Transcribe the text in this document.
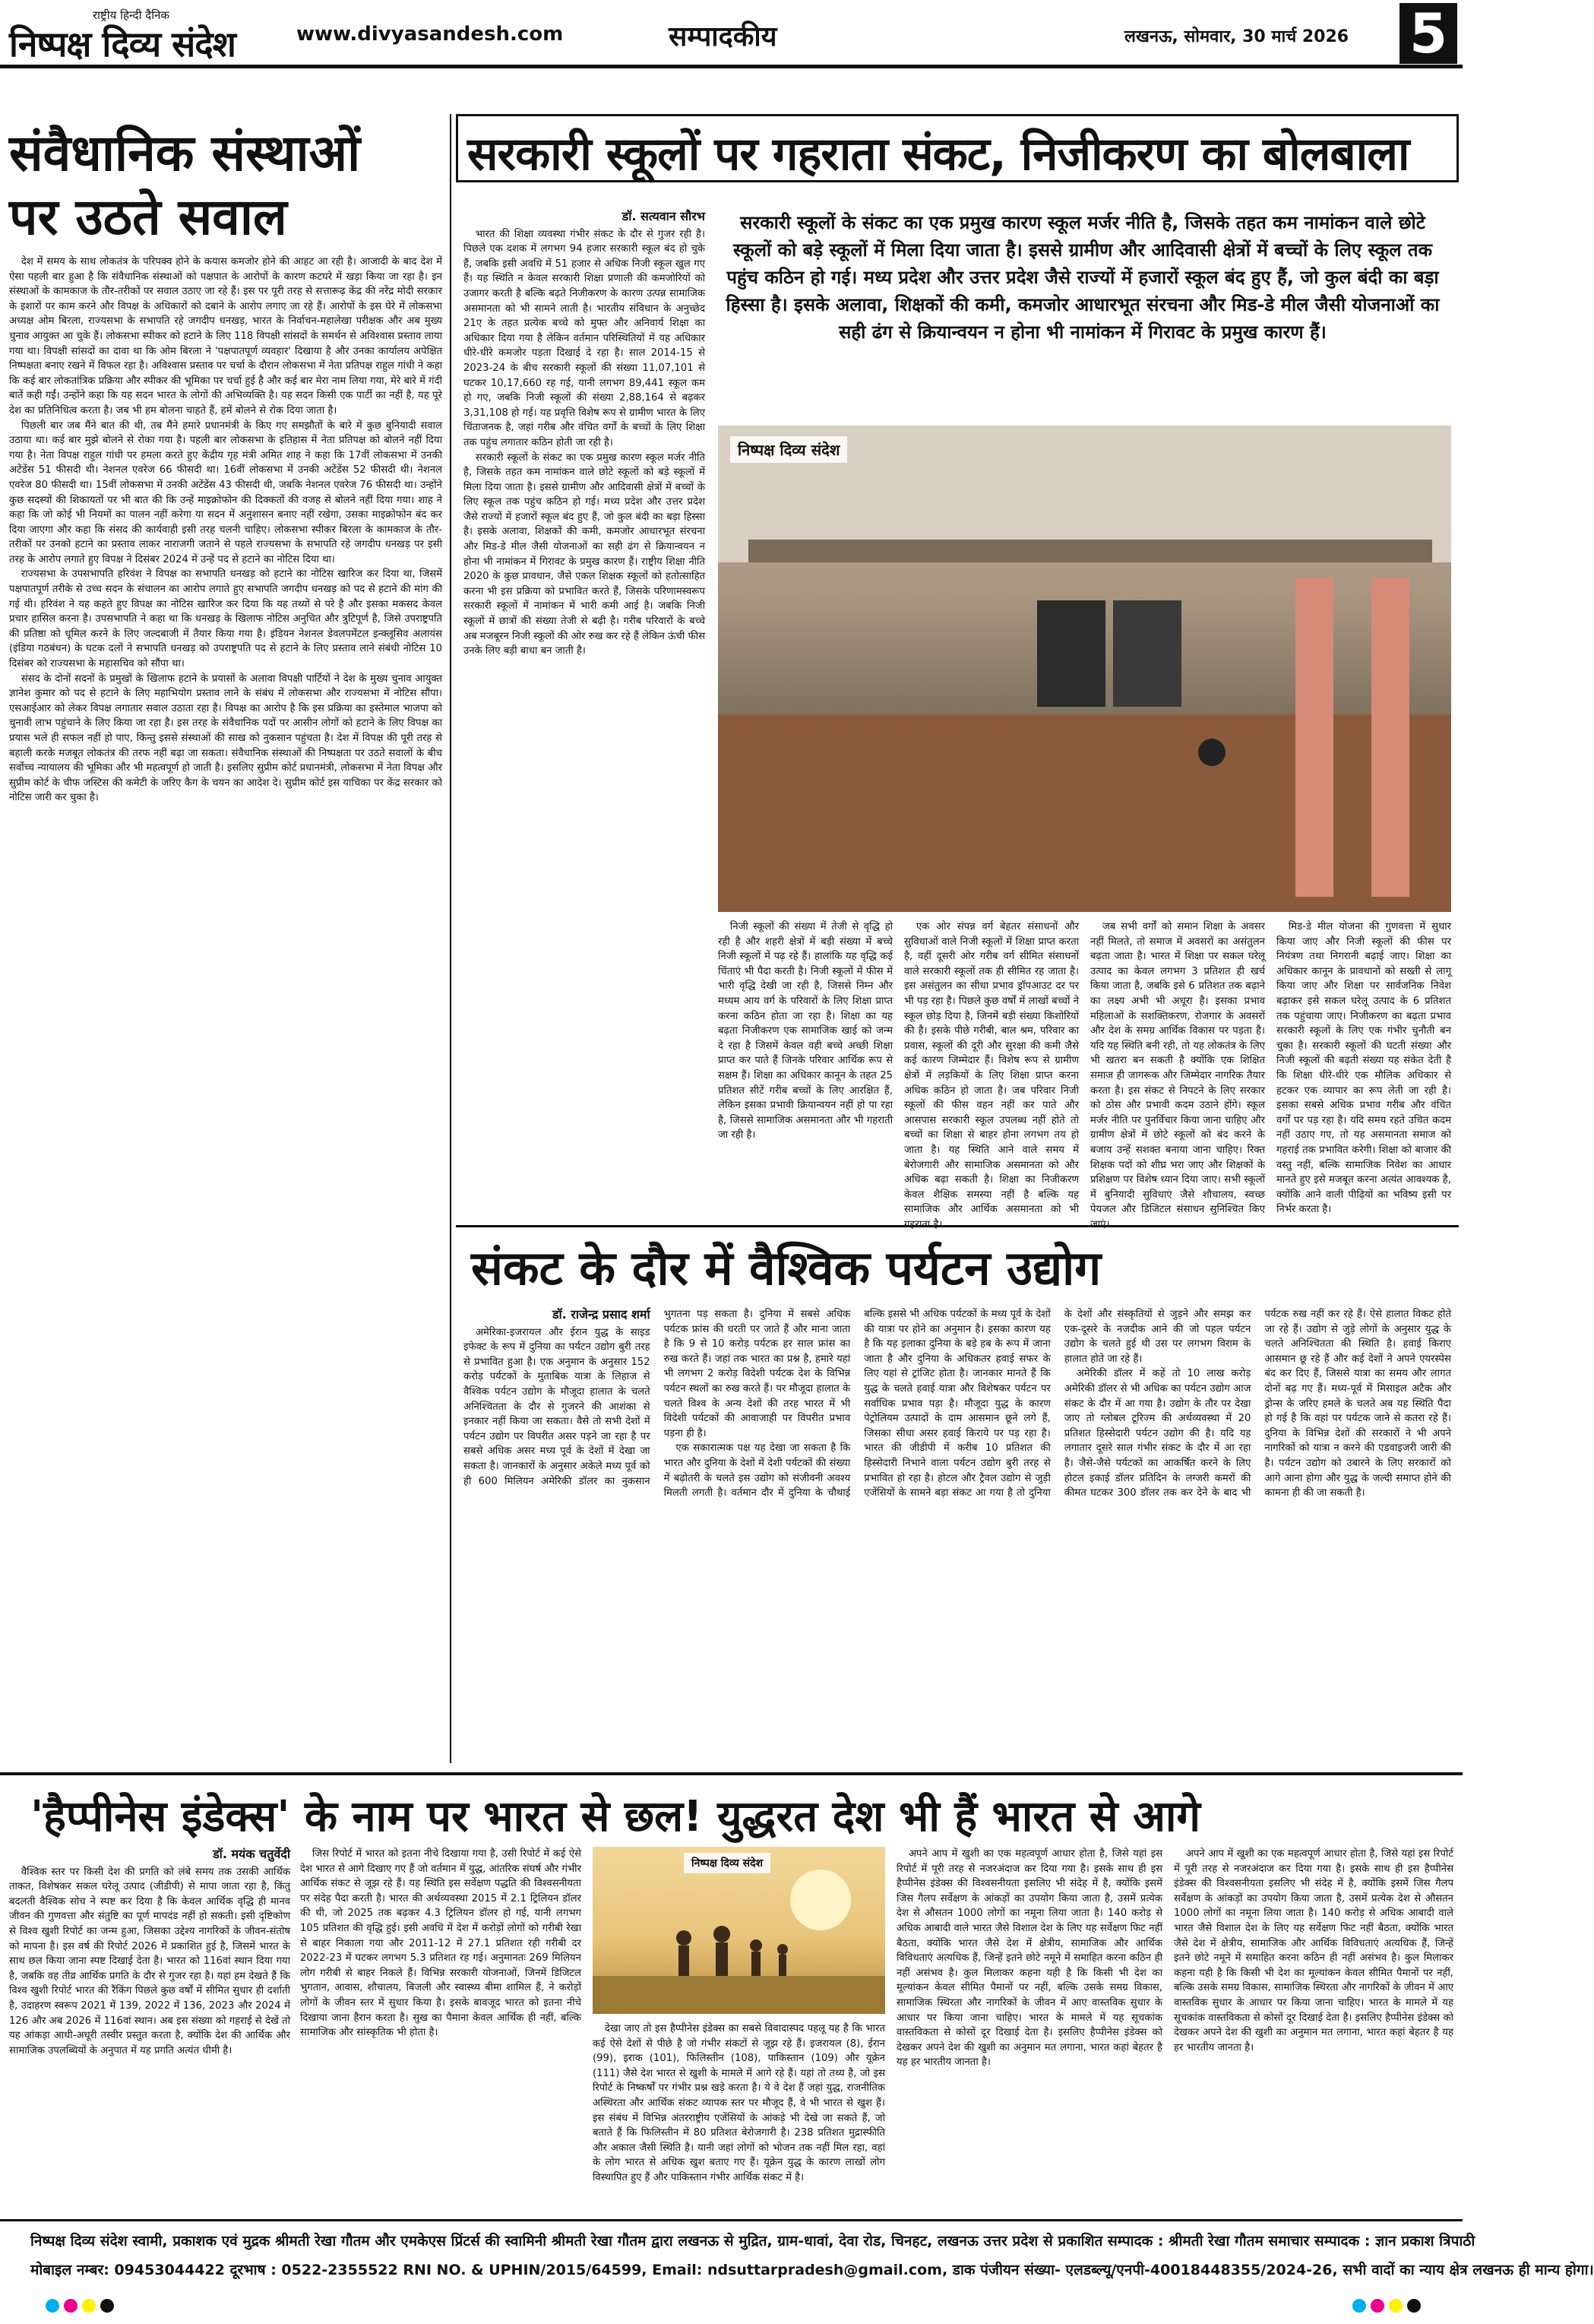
राष्ट्रीय हिन्दी दैनिक
निष्पक्ष दिव्य संदेश	www.divyasandesh.com	सम्पादकीय	लखनऊ, सोमवार, 30 मार्च 2026 5
संवैधानिक संस्थाओं पर उठते सवाल

देश में समय के साथ लोकतंत्र के परिपक्व होने के कयास कमजोर होने की आहट आ रही है। आजादी के बाद देश में ऐसा पहली बार हुआ है कि संवैधानिक संस्थाओं को पक्षपात के आरोपों के कारण कटघरे में खड़ा किया जा रहा है। इन संस्थाओं के कामकाज के तौर-तरीकों पर सवाल उठाए जा रहे हैं। इस पर पूरी तरह से सत्तारूढ़ केंद्र की नरेंद्र मोदी सरकार के इशारों पर काम करने और विपक्ष के अधिकारों को दबाने के आरोप लगाए जा रहे हैं। आरोपों के इस घेरे में लोकसभा अध्यक्ष ओम बिरला, राज्यसभा के सभापति रहे जगदीप धनखड़, भारत के निर्वाचन-महालेखा परीक्षक और अब मुख्य चुनाव आयुक्त आ चुके हैं। लोकसभा स्पीकर को हटाने के लिए 118 विपक्षी सांसदों के समर्थन से अविश्वास प्रस्ताव लाया गया था। विपक्षी सांसदों का दावा था कि ओम बिरला ने 'पक्षपातपूर्ण व्यवहार' दिखाया है और उनका कार्यालय अपेक्षित निष्पक्षता बनाए रखने में विफल रहा है। अविश्वास प्रस्ताव पर चर्चा के दौरान लोकसभा में नेता प्रतिपक्ष राहुल गांधी ने कहा कि कई बार लोकतांत्रिक प्रक्रिया और स्पीकर की भूमिका पर चर्चा हुई है और कई बार मेरा नाम लिया गया, मेरे बारे में गंदी बातें कही गईं। उन्होंने कहा कि यह सदन भारत के लोगों की अभिव्यक्ति है। यह सदन किसी एक पार्टी का नहीं है, यह पूरे देश का प्रतिनिधित्व करता है। जब भी हम बोलना चाहते हैं, हमें बोलने से रोक दिया जाता है।

पिछली बार जब मैंने बात की थी, तब मैंने हमारे प्रधानमंत्री के किए गए समझौतों के बारे में कुछ बुनियादी सवाल उठाया था। कई बार मुझे बोलने से रोका गया है। पहली बार लोकसभा के इतिहास में नेता प्रतिपक्ष को बोलने नहीं दिया गया है। नेता विपक्ष राहुल गांधी पर हमला करते हुए केंद्रीय गृह मंत्री अमित शाह ने कहा कि 17वीं लोकसभा में उनकी अटेंडेंस 51 फीसदी थी। नेशनल एवरेज 66 फीसदी था। 16वीं लोकसभा में उनकी अटेंडेंस 52 फीसदी थी। नेशनल एवरेज 80 फीसदी था। 15वीं लोकसभा में उनकी अटेंडेंस 43 फीसदी थी, जबकि नेशनल एवरेज 76 फीसदी था। उन्होंने कुछ सदस्यों की शिकायतों पर भी बात की कि उन्हें माइक्रोफोन की दिक्कतों की वजह से बोलने नहीं दिया गया। शाह ने कहा कि जो कोई भी नियमों का पालन नहीं करेगा या सदन में अनुशासन बनाए नहीं रखेगा, उसका माइक्रोफोन बंद कर दिया जाएगा और कहा कि संसद की कार्यवाही इसी तरह चलनी चाहिए। लोकसभा स्पीकर बिरला के कामकाज के तौर-तरीकों पर उनको हटाने का प्रस्ताव लाकर नाराजगी जताने से पहले राज्यसभा के सभापति रहे जगदीप धनखड़ पर इसी तरह के आरोप लगाते हुए विपक्ष ने दिसंबर 2024 में उन्हें पद से हटाने का नोटिस दिया था।

राज्यसभा के उपसभापति हरिवंश ने विपक्ष का सभापति धनखड़ को हटाने का नोटिस खारिज कर दिया था, जिसमें पक्षपातपूर्ण तरीके से उच्च सदन के संचालन का आरोप लगाते हुए सभापति जगदीप धनखड़ को पद से हटाने की मांग की गई थी। हरिवंश ने यह कहते हुए विपक्ष का नोटिस खारिज कर दिया कि यह तथ्यों से परे है और इसका मकसद केवल प्रचार हासिल करना है। उपसभापति ने कहा था कि धनखड़ के खिलाफ नोटिस अनुचित और त्रुटिपूर्ण है, जिसे उपराष्ट्रपति की प्रतिष्ठा को धूमिल करने के लिए जल्दबाजी में तैयार किया गया है। इंडियन नेशनल डेवलपमेंटल इन्क्लूसिव अलायंस (इंडिया गठबंधन) के घटक दलों ने सभापति धनखड़ को उपराष्ट्रपति पद से हटाने के लिए प्रस्ताव लाने संबंधी नोटिस 10 दिसंबर को राज्यसभा के महासचिव को सौंपा था।

संसद के दोनों सदनों के प्रमुखों के खिलाफ हटाने के प्रयासों के अलावा विपक्षी पार्टियों ने देश के मुख्य चुनाव आयुक्त ज्ञानेश कुमार को पद से हटाने के लिए महाभियोग प्रस्ताव लाने के संबंध में लोकसभा और राज्यसभा में नोटिस सौंपा। एसआईआर को लेकर विपक्ष लगातार सवाल उठाता रहा है। विपक्ष का आरोप है कि इस प्रक्रिया का इस्तेमाल भाजपा को चुनावी लाभ पहुंचाने के लिए किया जा रहा है। इस तरह के संवैधानिक पदों पर आसीन लोगों को हटाने के लिए विपक्ष का प्रयास भले ही सफल नहीं हो पाए, किन्तु इससे संस्थाओं की साख को नुकसान पहुंचता है। देश में विपक्ष की पूरी तरह से बहाली करके मजबूत लोकतंत्र की तरफ नहीं बढ़ा जा सकता। संवैधानिक संस्थाओं की निष्पक्षता पर उठते सवालों के बीच सर्वोच्च न्यायालय की भूमिका और भी महत्वपूर्ण हो जाती है। इसलिए सुप्रीम कोर्ट प्रधानमंत्री, लोकसभा में नेता विपक्ष और सुप्रीम कोर्ट के चीफ जस्टिस की कमेटी के जरिए कैग के चयन का आदेश दे। सुप्रीम कोर्ट इस याचिका पर केंद्र सरकार को नोटिस जारी कर चुका है।

सरकारी स्कूलों पर गहराता संकट, निजीकरण का बोलबाला

डॉ. सत्यवान सौरभ

भारत की शिक्षा व्यवस्था गंभीर संकट के दौर से गुजर रही है। पिछले एक दशक में लगभग 94 हजार सरकारी स्कूल बंद हो चुके हैं, जबकि इसी अवधि में 51 हजार से अधिक निजी स्कूल खुल गए हैं। यह स्थिति न केवल सरकारी शिक्षा प्रणाली की कमजोरियों को उजागर करती है बल्कि बढ़ते निजीकरण के कारण उत्पन्न सामाजिक असमानता को भी सामने लाती है। भारतीय संविधान के अनुच्छेद 21ए के तहत प्रत्येक बच्चे को मुफ्त और अनिवार्य शिक्षा का अधिकार दिया गया है लेकिन वर्तमान परिस्थितियों में यह अधिकार धीरे-धीरे कमजोर पड़ता दिखाई दे रहा है। साल 2014-15 से 2023-24 के बीच सरकारी स्कूलों की संख्या 11,07,101 से घटकर 10,17,660 रह गई, यानी लगभग 89,441 स्कूल कम हो गए, जबकि निजी स्कूलों की संख्या 2,88,164 से बढ़कर 3,31,108 हो गई। यह प्रवृत्ति विशेष रूप से ग्रामीण भारत के लिए चिंताजनक है, जहां गरीब और वंचित वर्गों के बच्चों के लिए शिक्षा तक पहुंच लगातार कठिन होती जा रही है।

सरकारी स्कूलों के संकट का एक प्रमुख कारण स्कूल मर्जर नीति है, जिसके तहत कम नामांकन वाले छोटे स्कूलों को बड़े स्कूलों में मिला दिया जाता है। इससे ग्रामीण और आदिवासी क्षेत्रों में बच्चों के लिए स्कूल तक पहुंच कठिन हो गई। मध्य प्रदेश और उत्तर प्रदेश जैसे राज्यों में हजारों स्कूल बंद हुए हैं, जो कुल बंदी का बड़ा हिस्सा है। इसके अलावा, शिक्षकों की कमी, कमजोर आधारभूत संरचना और मिड-डे मील जैसी योजनाओं का सही ढंग से क्रियान्वयन न होना भी नामांकन में गिरावट के प्रमुख कारण हैं। राष्ट्रीय शिक्षा नीति 2020 के कुछ प्रावधान, जैसे एकल शिक्षक स्कूलों को हतोत्साहित करना भी इस प्रक्रिया को प्रभावित करते हैं, जिसके परिणामस्वरूप सरकारी स्कूलों में नामांकन में भारी कमी आई है। जबकि निजी स्कूलों में छात्रों की संख्या तेजी से बढ़ी है। गरीब परिवारों के बच्चे अब मजबूरन निजी स्कूलों की ओर रुख कर रहे हैं लेकिन ऊंची फीस उनके लिए बड़ी बाधा बन जाती है।

सरकारी स्कूलों के संकट का एक प्रमुख कारण स्कूल मर्जर नीति है, जिसके तहत कम नामांकन वाले छोटे स्कूलों को बड़े स्कूलों में मिला दिया जाता है। इससे ग्रामीण और आदिवासी क्षेत्रों में बच्चों के लिए स्कूल तक पहुंच कठिन हो गई। मध्य प्रदेश और उत्तर प्रदेश जैसे राज्यों में हजारों स्कूल बंद हुए हैं, जो कुल बंदी का बड़ा हिस्सा है। इसके अलावा, शिक्षकों की कमी, कमजोर आधारभूत संरचना और मिड-डे मील जैसी योजनाओं का सही ढंग से क्रियान्वयन न होना भी नामांकन में गिरावट के प्रमुख कारण हैं।
निष्पक्ष दिव्य संदेश

निजी स्कूलों की संख्या में तेजी से वृद्धि हो रही है और शहरी क्षेत्रों में बड़ी संख्या में बच्चे निजी स्कूलों में पढ़ रहे हैं। हालांकि यह वृद्धि कई चिंताएं भी पैदा करती है। निजी स्कूलों में फीस में भारी वृद्धि देखी जा रही है, जिससे निम्न और मध्यम आय वर्ग के परिवारों के लिए शिक्षा प्राप्त करना कठिन होता जा रहा है। शिक्षा का यह बढ़ता निजीकरण एक सामाजिक खाई को जन्म दे रहा है जिसमें केवल वही बच्चे अच्छी शिक्षा प्राप्त कर पाते हैं जिनके परिवार आर्थिक रूप से सक्षम हैं। शिक्षा का अधिकार कानून के तहत 25 प्रतिशत सीटें गरीब बच्चों के लिए आरक्षित हैं, लेकिन इसका प्रभावी क्रियान्वयन नहीं हो पा रहा है, जिससे सामाजिक असमानता और भी गहराती जा रही है।

एक ओर संपन्न वर्ग बेहतर संसाधनों और सुविधाओं वाले निजी स्कूलों में शिक्षा प्राप्त करता है, वहीं दूसरी ओर गरीब वर्ग सीमित संसाधनों वाले सरकारी स्कूलों तक ही सीमित रह जाता है। इस असंतुलन का सीधा प्रभाव ड्रॉपआउट दर पर भी पड़ रहा है। पिछले कुछ वर्षों में लाखों बच्चों ने स्कूल छोड़ दिया है, जिनमें बड़ी संख्या किशोरियों की है। इसके पीछे गरीबी, बाल श्रम, परिवार का प्रवास, स्कूलों की दूरी और सुरक्षा की कमी जैसे कई कारण जिम्मेदार हैं। विशेष रूप से ग्रामीण क्षेत्रों में लड़कियों के लिए शिक्षा प्राप्त करना अधिक कठिन हो जाता है। जब परिवार निजी स्कूलों की फीस वहन नहीं कर पाते और आसपास सरकारी स्कूल उपलब्ध नहीं होते तो बच्चों का शिक्षा से बाहर होना लगभग तय हो जाता है। यह स्थिति आने वाले समय में बेरोजगारी और सामाजिक असमानता को और अधिक बढ़ा सकती है। शिक्षा का निजीकरण केवल शैक्षिक समस्या नहीं है बल्कि यह सामाजिक और आर्थिक असमानता को भी

जब सभी वर्गों को समान शिक्षा के अवसर नहीं मिलते, तो समाज में अवसरों का असंतुलन बढ़ता जाता है। भारत में शिक्षा पर सकल घरेलू उत्पाद का केवल लगभग 3 प्रतिशत ही खर्च किया जाता है, जबकि इसे 6 प्रतिशत तक बढ़ाने का लक्ष्य अभी भी अधूरा है। इसका प्रभाव महिलाओं के सशक्तिकरण, रोजगार के अवसरों और देश के समग्र आर्थिक विकास पर पड़ता है। यदि यह स्थिति बनी रही, तो यह लोकतंत्र के लिए भी खतरा बन सकती है क्योंकि एक शिक्षित समाज ही जागरूक और जिम्मेदार नागरिक तैयार करता है। इस संकट से निपटने के लिए सरकार को ठोस और प्रभावी कदम उठाने होंगे। स्कूल मर्जर नीति पर पुनर्विचार किया जाना चाहिए और ग्रामीण क्षेत्रों में छोटे स्कूलों को बंद करने के बजाय उन्हें सशक्त बनाया जाना चाहिए। रिक्त शिक्षक पदों को शीघ्र भरा जाए और शिक्षकों के प्रशिक्षण पर विशेष ध्यान दिया जाए। सभी स्कूलों में बुनियादी सुविधाएं जैसे शौचालय, स्वच्छ पेयजल और डिजिटल संसाधन सुनिश्चित किए

मिड-डे मील योजना की गुणवत्ता में सुधार किया जाए और निजी स्कूलों की फीस पर नियंत्रण तथा निगरानी बढ़ाई जाए। शिक्षा का अधिकार कानून के प्रावधानों को सख्ती से लागू किया जाए और शिक्षा पर सार्वजनिक निवेश बढ़ाकर इसे सकल घरेलू उत्पाद के 6 प्रतिशत तक पहुंचाया जाए। निजीकरण का बढ़ता प्रभाव सरकारी स्कूलों के लिए एक गंभीर चुनौती बन चुका है। सरकारी स्कूलों की घटती संख्या और निजी स्कूलों की बढ़ती संख्या यह संकेत देती है कि शिक्षा धीरे-धीरे एक मौलिक अधिकार से हटकर एक व्यापार का रूप लेती जा रही है। इसका सबसे अधिक प्रभाव गरीब और वंचित वर्गों पर पड़ रहा है। यदि समय रहते उचित कदम नहीं उठाए गए, तो यह असमानता समाज को गहराई तक प्रभावित करेगी। शिक्षा को बाजार की वस्तु नहीं, बल्कि सामाजिक निवेश का आधार मानते हुए इसे मजबूत करना अत्यंत आवश्यक है, क्योंकि आने वाली पीढ़ियों का भविष्य इसी पर निर्भर करता है।

संकट के दौर में वैश्विक पर्यटन उद्योग

डॉ. राजेन्द्र प्रसाद शर्मा

अमेरिका-इजरायल और ईरान युद्ध के साइड इफेक्ट के रूप में दुनिया का पर्यटन उद्योग बुरी तरह से प्रभावित हुआ है। एक अनुमान के अनुसार 152 करोड़ पर्यटकों के मुताबिक यात्रा के लिहाज से वैश्विक पर्यटन उद्योग के मौजूदा हालात के चलते अनिश्चितता के दौर से गुजरने की आशंका से इनकार नहीं किया जा सकता। वैसे तो सभी देशों में पर्यटन उद्योग पर विपरीत असर पड़ने जा रहा है पर सबसे अधिक असर मध्य पूर्व के देशों में देखा जा सकता है। जानकारों के अनुसार अकेले मध्य पूर्व को ही 600 मिलियन अमेरिकी डॉलर का नुकसान भुगतना पड़ सकता है। दुनिया में सबसे अधिक पर्यटक फ्रांस की धरती पर जाते हैं और माना जाता है कि 9 से 10 करोड़ पर्यटक हर साल फ्रांस का रुख करते हैं। जहां तक भारत का प्रश्न है, हमारे यहां भी लगभग 2 करोड़ विदेशी पर्यटक देश के विभिन्न पर्यटन स्थलों का रुख करते हैं। पर मौजूदा हालात के चलते विश्व के अन्य देशों की तरह भारत में भी विदेशी पर्यटकों की आवाजाही पर विपरीत प्रभाव पड़ना ही है।

एक सकारात्मक पक्ष यह देखा जा सकता है कि भारत और दुनिया के देशों में देशी पर्यटकों की संख्या में बढ़ोतरी के चलते इस उद्योग को संजीवनी अवश्य मिलती लगती है। वर्तमान दौर में दुनिया के चौथाई बल्कि इससे भी अधिक पर्यटकों के मध्य पूर्व के देशों की यात्रा पर होने का अनुमान है। इसका कारण यह है कि यह इलाका दुनिया के बड़े हब के रूप में जाना जाता है और दुनिया के अधिकतर हवाई सफर के लिए यहां से ट्रांजिट होता है। जानकार मानते हैं कि युद्ध के चलते हवाई यात्रा और विशेषकर पर्यटन पर सर्वाधिक प्रभाव पड़ा है। मौजूदा युद्ध के कारण पेट्रोलियम उत्पादों के दाम आसमान छूने लगे हैं, जिसका सीधा असर हवाई किराये पर पड़ रहा है। भारत की जीडीपी में करीब 10 प्रतिशत की हिस्सेदारी निभाने वाला पर्यटन उद्योग बुरी तरह से प्रभावित हो रहा है। होटल और ट्रैवल उद्योग से जुड़ी एजेंसियों के सामने बड़ा संकट आ गया है तो दुनिया के देशों और संस्कृतियों से जुड़ने और समझ कर एक-दूसरे के नजदीक आने की जो पहल पर्यटन उद्योग के चलते हुई थी उस पर लगभग विराम के हालात होते जा रहे हैं।

अमेरिकी डॉलर में कहें तो 10 लाख करोड़ अमेरिकी डॉलर से भी अधिक का पर्यटन उद्योग आज संकट के दौर में आ गया है। उद्योग के तौर पर देखा जाए तो ग्लोबल टूरिज्म की अर्थव्यवस्था में 20 प्रतिशत हिस्सेदारी पर्यटन उद्योग की है। यदि यह लगातार दूसरे साल गंभीर संकट के दौर में आ रहा है। जैसे-जैसे पर्यटकों का आकर्षित करने के लिए होटल इकाई डॉलर प्रतिदिन के लग्जरी कमरों की कीमत घटकर 300 डॉलर तक कर देने के बाद भी पर्यटक रुख नहीं कर रहे हैं। ऐसे हालात विकट होते जा रहे हैं। उद्योग से जुड़े लोगों के अनुसार युद्ध के चलते अनिश्चितता की स्थिति है। हवाई किराए आसमान छू रहे हैं और कई देशों ने अपने एयरस्पेस बंद कर दिए हैं, जिससे यात्रा का समय और लागत दोनों बढ़ गए हैं। मध्य-पूर्व में मिसाइल अटैक और ड्रोन्स के जरिए हमले के चलते अब यह स्थिति पैदा हो गई है कि वहां पर पर्यटक जाने से कतरा रहे हैं। दुनिया के विभिन्न देशों की सरकारों ने भी अपने नागरिकों को यात्रा न करने की एडवाइजरी जारी की है। पर्यटन उद्योग को उबारने के लिए सरकारों को आगे आना होगा और युद्ध के जल्दी समाप्त होने की कामना ही की जा सकती है।

'हैप्पीनेस इंडेक्स' के नाम पर भारत से छल! युद्धरत देश भी हैं भारत से आगे

डॉ. मयंक चतुर्वेदी

वैश्विक स्तर पर किसी देश की प्रगति को लंबे समय तक उसकी आर्थिक ताकत, विशेषकर सकल घरेलू उत्पाद (जीडीपी) से मापा जाता रहा है, किंतु बदलती वैश्विक सोच ने स्पष्ट कर दिया है कि केवल आर्थिक वृद्धि ही मानव जीवन की गुणवत्ता और संतुष्टि का पूर्ण मापदंड नहीं हो सकती। इसी दृष्टिकोण से विश्व खुशी रिपोर्ट का जन्म हुआ, जिसका उद्देश्य नागरिकों के जीवन-संतोष को मापना है। इस वर्ष की रिपोर्ट 2026 में प्रकाशित हुई है, जिसमें भारत के साथ छल किया जाना स्पष्ट दिखाई देता है। भारत को 116वां स्थान दिया गया है, जबकि वह तीव्र आर्थिक प्रगति के दौर से गुजर रहा है। यहां हम देखते हैं कि विश्व खुशी रिपोर्ट भारत की रैंकिंग पिछले कुछ वर्षों में सीमित सुधार ही दर्शाती है, उदाहरण स्वरूप 2021 में 139, 2022 में 136, 2023 और 2024 में 126 और अब 2026 में 116वां स्थान। अब इस संख्या को गहराई से देखें तो यह आंकड़ा आधी-अधूरी तस्वीर प्रस्तुत करता है, क्योंकि देश की आर्थिक और सामाजिक उपलब्धियों के अनुपात में यह प्रगति अत्यंत धीमी है।

जिस रिपोर्ट में भारत को इतना नीचे दिखाया गया है, उसी रिपोर्ट में कई ऐसे देश भारत से आगे दिखाए गए हैं जो वर्तमान में युद्ध, आंतरिक संघर्ष और गंभीर आर्थिक संकट से जूझ रहे हैं। यह स्थिति इस सर्वेक्षण पद्धति की विश्वसनीयता पर संदेह पैदा करती है। भारत की अर्थव्यवस्था 2015 में 2.1 ट्रिलियन डॉलर की थी, जो 2025 तक बढ़कर 4.3 ट्रिलियन डॉलर हो गई, यानी लगभग 105 प्रतिशत की वृद्धि हुई। इसी अवधि में देश में करोड़ों लोगों को गरीबी रेखा से बाहर निकाला गया और 2011-12 में 27.1 प्रतिशत रही गरीबी दर 2022-23 में घटकर लगभग 5.3 प्रतिशत रह गई। अनुमानतः 269 मिलियन लोग गरीबी से बाहर निकले हैं। विभिन्न सरकारी योजनाओं, जिनमें डिजिटल भुगतान, आवास, शौचालय, बिजली और स्वास्थ्य बीमा शामिल हैं, ने करोड़ों लोगों के जीवन स्तर में सुधार किया है। इसके बावजूद भारत को इतना नीचे दिखाया जाना हैरान करता है। सुख का पैमाना केवल आर्थिक ही नहीं, बल्कि सामाजिक और सांस्कृतिक भी होता है।

निष्पक्ष दिव्य संदेश

देखा जाए तो इस हैप्पीनेस इंडेक्स का सबसे विवादास्पद पहलू यह है कि भारत कई ऐसे देशों से पीछे है जो गंभीर संकटों से जूझ रहे हैं। इजरायल (8), ईरान (99), इराक (101), फिलिस्तीन (108), पाकिस्तान (109) और यूक्रेन (111) जैसे देश भारत से खुशी के मामले में आगे रहे हैं। यहां तो तथ्य है, जो इस रिपोर्ट के निष्कर्षों पर गंभीर प्रश्न खड़े करता है। ये वे देश हैं जहां युद्ध, राजनीतिक अस्थिरता और आर्थिक संकट व्यापक स्तर पर मौजूद हैं, वे भी भारत से खुश हैं। इस संबंध में विभिन्न अंतरराष्ट्रीय एजेंसियों के आंकड़े भी देखे जा सकते हैं, जो बताते हैं कि फिलिस्तीन में 80 प्रतिशत बेरोजगारी है। 238 प्रतिशत मुद्रास्फीति और अकाल जैसी स्थिति है। यानी जहां लोगों को भोजन तक नहीं मिल रहा, वहां के लोग भारत से अधिक खुश बताए गए हैं। यूक्रेन युद्ध के कारण लाखों लोग विस्थापित हुए हैं और पाकिस्तान गंभीर आर्थिक संकट में है।

अपने आप में खुशी का एक महत्वपूर्ण आधार होता है, जिसे यहां इस रिपोर्ट में पूरी तरह से नजरअंदाज कर दिया गया है। इसके साथ ही इस हैप्पीनेस इंडेक्स की विश्वसनीयता इसलिए भी संदेह में है, क्योंकि इसमें जिस गैलप सर्वेक्षण के आंकड़ों का उपयोग किया जाता है, उसमें प्रत्येक देश से औसतन 1000 लोगों का नमूना लिया जाता है। 140 करोड़ से अधिक आबादी वाले भारत जैसे विशाल देश के लिए यह सर्वेक्षण फिट नहीं बैठता, क्योंकि भारत जैसे देश में क्षेत्रीय, सामाजिक और आर्थिक विविधताएं अत्यधिक हैं, जिन्हें इतने छोटे नमूने में समाहित करना कठिन ही नहीं असंभव है। कुल मिलाकर कहना यही है कि किसी भी देश का मूल्यांकन केवल सीमित पैमानों पर नहीं, बल्कि उसके समग्र विकास, सामाजिक स्थिरता और नागरिकों के जीवन में आए वास्तविक सुधार के आधार पर किया जाना चाहिए। भारत के मामले में यह सूचकांक वास्तविकता से कोसों दूर दिखाई देता है। इसलिए हैप्पीनेस इंडेक्स को देखकर अपने देश की खुशी का अनुमान मत लगाना, भारत कहां बेहतर है यह हर भारतीय जानता है।

अपने आप में खुशी का एक महत्वपूर्ण आधार होता है, जिसे यहां इस रिपोर्ट में पूरी तरह से नजरअंदाज कर दिया गया है। इसके साथ ही इस हैप्पीनेस इंडेक्स की विश्वसनीयता इसलिए भी संदेह में है, क्योंकि इसमें जिस गैलप सर्वेक्षण के आंकड़ों का उपयोग किया जाता है, उसमें प्रत्येक देश से औसतन 1000 लोगों का नमूना लिया जाता है। 140 करोड़ से अधिक आबादी वाले भारत जैसे विशाल देश के लिए यह सर्वेक्षण फिट नहीं बैठता, क्योंकि भारत जैसे देश में क्षेत्रीय, सामाजिक और आर्थिक विविधताएं अत्यधिक हैं, जिन्हें इतने छोटे नमूने में समाहित करना कठिन ही नहीं असंभव है। कुल मिलाकर कहना यही है कि किसी भी देश का मूल्यांकन केवल सीमित पैमानों पर नहीं, बल्कि उसके समग्र विकास, सामाजिक स्थिरता और नागरिकों के जीवन में आए वास्तविक सुधार के आधार पर किया जाना चाहिए। भारत के मामले में यह सूचकांक वास्तविकता से कोसों दूर दिखाई देता है। इसलिए हैप्पीनेस इंडेक्स को देखकर अपने देश की खुशी का अनुमान मत लगाना, भारत कहां बेहतर है यह हर भारतीय जानता है।

निष्पक्ष दिव्य संदेश स्वामी, प्रकाशक एवं मुद्रक श्रीमती रेखा गौतम और एमकेएस प्रिंटर्स की स्वामिनी श्रीमती रेखा गौतम द्वारा लखनऊ से मुद्रित, ग्राम-धावां, देवा रोड, चिनहट, लखनऊ उत्तर प्रदेश से प्रकाशित सम्पादक : श्रीमती रेखा गौतम समाचार सम्पादक : ज्ञान प्रकाश त्रिपाठी
मोबाइल नम्बर: 09453044422 दूरभाष : 0522-2355522 RNI NO. & UPHIN/2015/64599, Email: ndsuttarpradesh@gmail.com, डाक पंजीयन संख्या- एलडब्ल्यू/एनपी-40018448355/2024-26, सभी वादों का न्याय क्षेत्र लखनऊ ही मान्य होगा।
